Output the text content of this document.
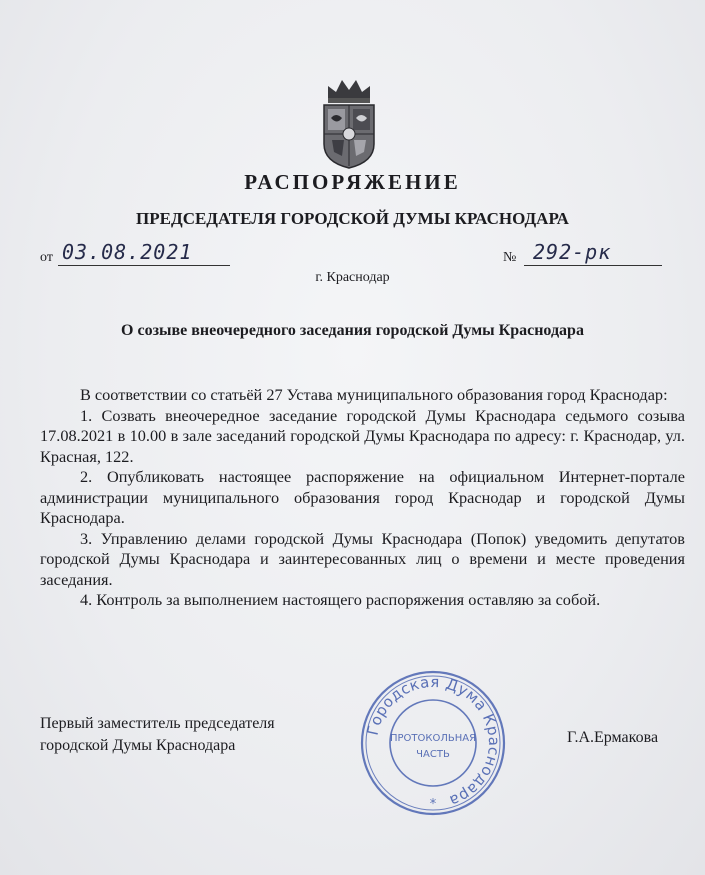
РАСПОРЯЖЕНИЕ
ПРЕДСЕДАТЕЛЯ ГОРОДСКОЙ ДУМЫ КРАСНОДАРА
от 03.08.2021	№ 292-рк
г. Краснодар
О созыве внеочередного заседания городской Думы Краснодара

В соответствии со статьёй 27 Устава муниципального образования город Краснодар:

1. Созвать внеочередное заседание городской Думы Краснодара седьмого созыва 17.08.2021 в 10.00 в зале заседаний городской Думы Краснодара по адресу: г. Краснодар, ул. Красная, 122.

2. Опубликовать настоящее распоряжение на официальном Интернет-портале администрации муниципального образования город Краснодар и городской Думы Краснодара.

3. Управлению делами городской Думы Краснодара (Попок) уведомить депутатов городской Думы Краснодара и заинтересованных лиц о времени и месте проведения заседания.

4. Контроль за выполнением настоящего распоряжения оставляю за собой.

Первый заместитель председателя
городской Думы Краснодара	Г.А.Ермакова
Городская Дума Краснодара
ПРОТОКОЛЬНАЯ
ЧАСТЬ
*
